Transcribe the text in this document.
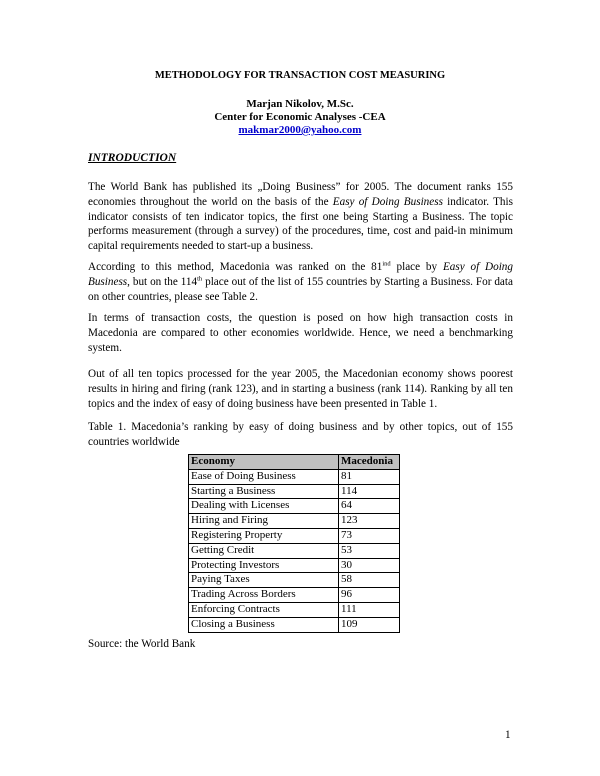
METHODOLOGY FOR TRANSACTION COST MEASURING
Marjan Nikolov, M.Sc.
Center for Economic Analyses -CEA
makmar2000@yahoo.com
INTRODUCTION
The World Bank has published its „Doing Business” for 2005. The document ranks 155 economies throughout the world on the basis of the Easy of Doing Business indicator. This indicator consists of ten indicator topics, the first one being Starting a Business. The topic performs measurement (through a survey) of the procedures, time, cost and paid-in minimum capital requirements needed to start-up a business.
According to this method, Macedonia was ranked on the $81^{ind}$ place by Easy of Doing Business, but on the 114th place out of the list of 155 countries by Starting a Business. For data on other countries, please see Table 2.
In terms of transaction costs, the question is posed on how high transaction costs in Macedonia are compared to other economies worldwide. Hence, we need a benchmarking system.
Out of all ten topics processed for the year 2005, the Macedonian economy shows poorest results in hiring and firing (rank 123), and in starting a business (rank 114). Ranking by all ten topics and the index of easy of doing business have been presented in Table 1.
Table 1. Macedonia’s ranking by easy of doing business and by other topics, out of 155 countries worldwide
Economy	Macedonia
Ease of Doing Business	81
Starting a Business	114
Dealing with Licenses	64
Hiring and Firing	123
Registering Property	73
Getting Credit	53
Protecting Investors	30
Paying Taxes	58
Trading Across Borders	96
Enforcing Contracts	111
Closing a Business	109
Source: the World Bank
1
